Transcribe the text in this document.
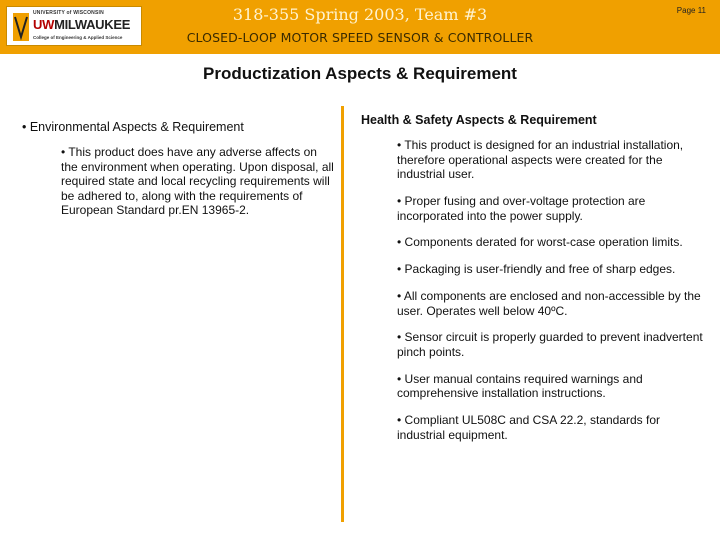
UNIVERSITY of WISCONSIN
UWMILWAUKEE
College of Engineering & Applied Science
318-355 Spring 2003, Team #3
CLOSED-LOOP MOTOR SPEED SENSOR & CONTROLLER
Page 11
Productization Aspects & Requirement
• Environmental Aspects & Requirement
• This product does have any adverse affects on the environment when operating. Upon disposal, all required state and local recycling requirements will be adhered to, along with the requirements of European Standard pr.EN 13965-2.
Health & Safety Aspects & Requirement
• This product is designed for an industrial installation, therefore operational aspects were created for the industrial user.
• Proper fusing and over-voltage protection are incorporated into the power supply.
• Components derated for worst-case operation limits.
• Packaging is user-friendly and free of sharp edges.
• All components are enclosed and non-accessible by the user. Operates well below 40ºC.
• Sensor circuit is properly guarded to prevent inadvertent pinch points.
• User manual contains required warnings and comprehensive installation instructions.
• Compliant UL508C and CSA 22.2, standards for industrial equipment.
